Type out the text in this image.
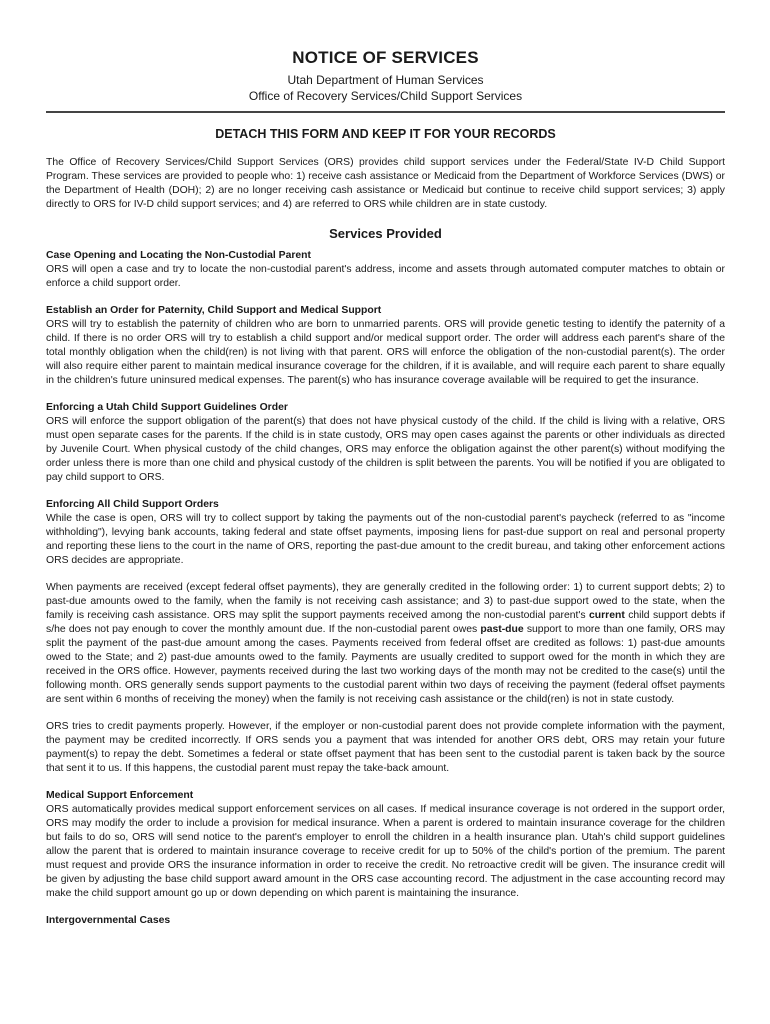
NOTICE OF SERVICES
Utah Department of Human Services
Office of Recovery Services/Child Support Services
DETACH THIS FORM AND KEEP IT FOR YOUR RECORDS

The Office of Recovery Services/Child Support Services (ORS) provides child support services under the Federal/State IV-D Child Support Program. These services are provided to people who: 1) receive cash assistance or Medicaid from the Department of Workforce Services (DWS) or the Department of Health (DOH); 2) are no longer receiving cash assistance or Medicaid but continue to receive child support services; 3) apply directly to ORS for IV-D child support services; and 4) are referred to ORS while children are in state custody.

Services Provided
Case Opening and Locating the Non-Custodial Parent

ORS will open a case and try to locate the non-custodial parent's address, income and assets through automated computer matches to obtain or enforce a child support order.

Establish an Order for Paternity, Child Support and Medical Support

ORS will try to establish the paternity of children who are born to unmarried parents. ORS will provide genetic testing to identify the paternity of a child. If there is no order ORS will try to establish a child support and/or medical support order. The order will address each parent's share of the total monthly obligation when the child(ren) is not living with that parent. ORS will enforce the obligation of the non-custodial parent(s). The order will also require either parent to maintain medical insurance coverage for the children, if it is available, and will require each parent to share equally in the children's future uninsured medical expenses. The parent(s) who has insurance coverage available will be required to get the insurance.

Enforcing a Utah Child Support Guidelines Order

ORS will enforce the support obligation of the parent(s) that does not have physical custody of the child. If the child is living with a relative, ORS must open separate cases for the parents. If the child is in state custody, ORS may open cases against the parents or other individuals as directed by Juvenile Court. When physical custody of the child changes, ORS may enforce the obligation against the other parent(s) without modifying the order unless there is more than one child and physical custody of the children is split between the parents. You will be notified if you are obligated to pay child support to ORS.

Enforcing All Child Support Orders

While the case is open, ORS will try to collect support by taking the payments out of the non-custodial parent's paycheck (referred to as "income withholding"), levying bank accounts, taking federal and state offset payments, imposing liens for past-due support on real and personal property and reporting these liens to the court in the name of ORS, reporting the past-due amount to the credit bureau, and taking other enforcement actions ORS decides are appropriate.

When payments are received (except federal offset payments), they are generally credited in the following order: 1) to current support debts; 2) to past-due amounts owed to the family, when the family is not receiving cash assistance; and 3) to past-due support owed to the state, when the family is receiving cash assistance. ORS may split the support payments received among the non-custodial parent's current child support debts if s/he does not pay enough to cover the monthly amount due. If the non-custodial parent owes past-due support to more than one family, ORS may split the payment of the past-due amount among the cases. Payments received from federal offset are credited as follows: 1) past-due amounts owed to the State; and 2) past-due amounts owed to the family. Payments are usually credited to support owed for the month in which they are received in the ORS office. However, payments received during the last two working days of the month may not be credited to the case(s) until the following month. ORS generally sends support payments to the custodial parent within two days of receiving the payment (federal offset payments are sent within 6 months of receiving the money) when the family is not receiving cash assistance or the child(ren) is not in state custody.

ORS tries to credit payments properly. However, if the employer or non-custodial parent does not provide complete information with the payment, the payment may be credited incorrectly. If ORS sends you a payment that was intended for another ORS debt, ORS may retain your future payment(s) to repay the debt. Sometimes a federal or state offset payment that has been sent to the custodial parent is taken back by the source that sent it to us. If this happens, the custodial parent must repay the take-back amount.

Medical Support Enforcement

ORS automatically provides medical support enforcement services on all cases. If medical insurance coverage is not ordered in the support order, ORS may modify the order to include a provision for medical insurance. When a parent is ordered to maintain insurance coverage for the children but fails to do so, ORS will send notice to the parent's employer to enroll the children in a health insurance plan. Utah's child support guidelines allow the parent that is ordered to maintain insurance coverage to receive credit for up to 50% of the child's portion of the premium. The parent must request and provide ORS the insurance information in order to receive the credit. No retroactive credit will be given. The insurance credit will be given by adjusting the base child support award amount in the ORS case accounting record. The adjustment in the case accounting record may make the child support amount go up or down depending on which parent is maintaining the insurance.

Intergovernmental Cases
